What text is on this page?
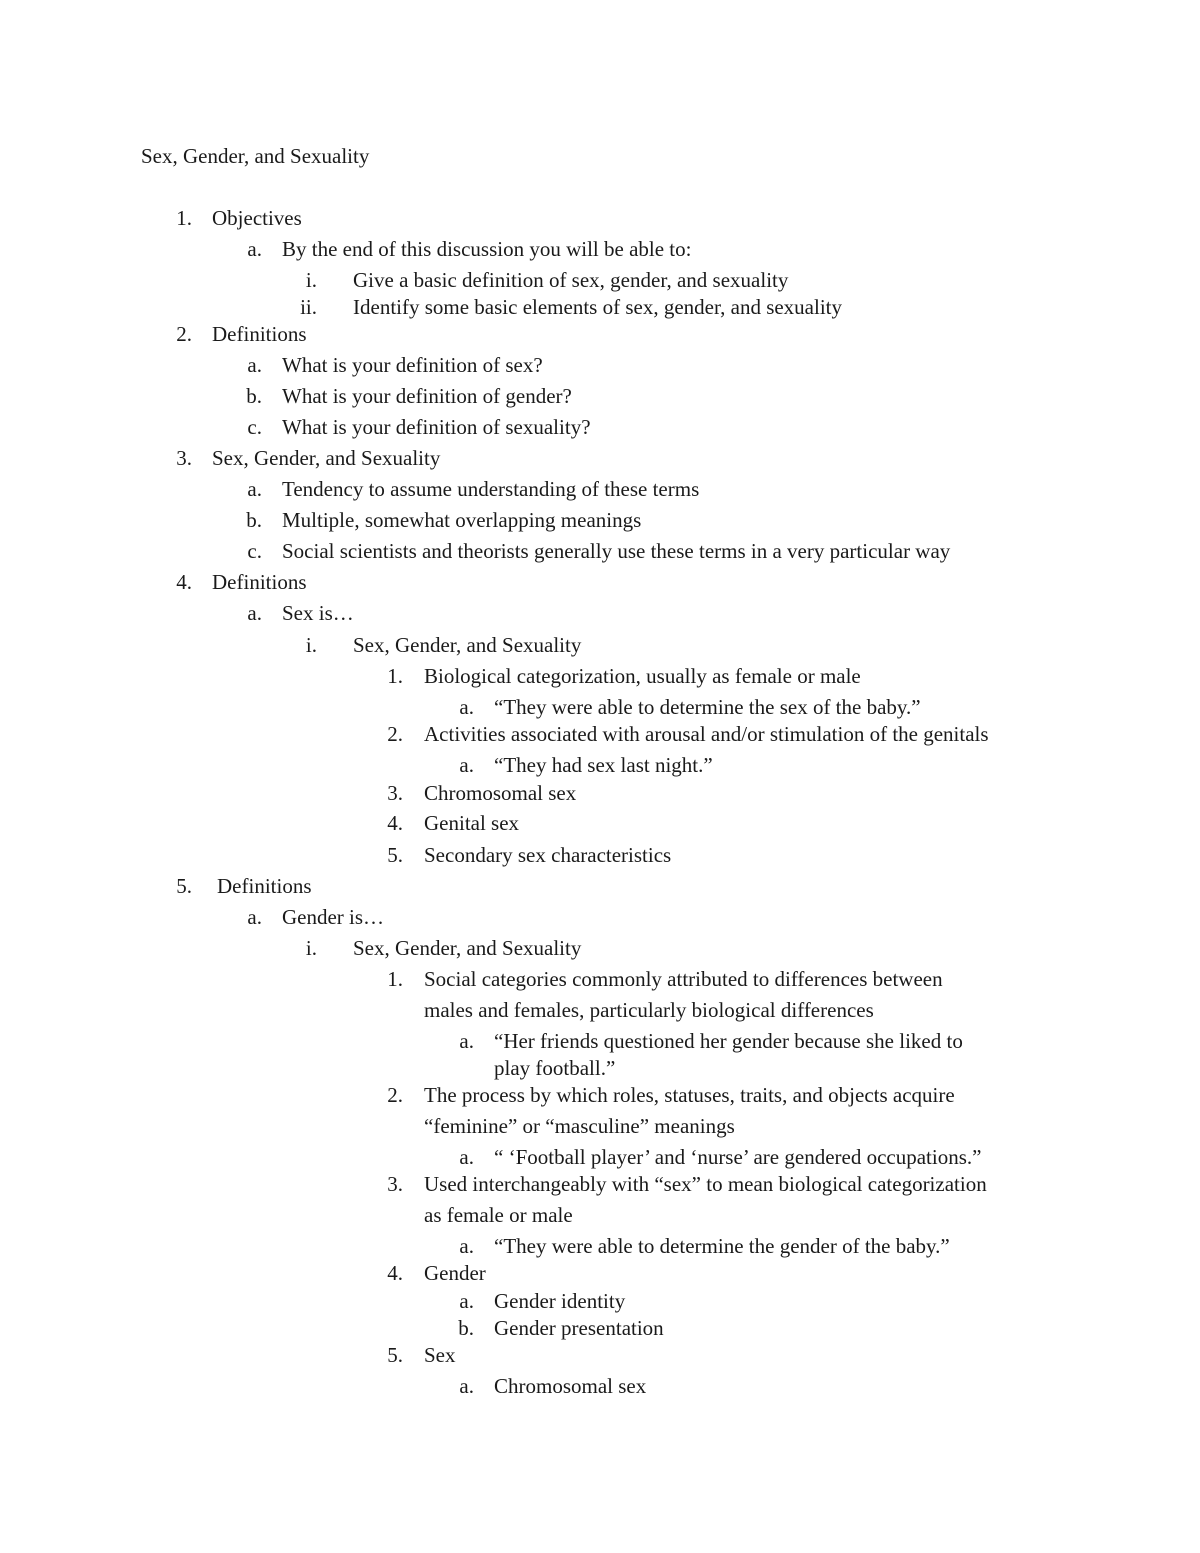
Sex, Gender, and Sexuality
1. Objectives
a. By the end of this discussion you will be able to:
i. Give a basic definition of sex, gender, and sexuality
ii. Identify some basic elements of sex, gender, and sexuality
2. Definitions
a. What is your definition of sex?
b. What is your definition of gender?
c. What is your definition of sexuality?
3. Sex, Gender, and Sexuality
a. Tendency to assume understanding of these terms
b. Multiple, somewhat overlapping meanings
c. Social scientists and theorists generally use these terms in a very particular way
4. Definitions
a. Sex is…
i. Sex, Gender, and Sexuality
1. Biological categorization, usually as female or male
a. “They were able to determine the sex of the baby.”
2. Activities associated with arousal and/or stimulation of the genitals
a. “They had sex last night.”
3. Chromosomal sex
4. Genital sex
5. Secondary sex characteristics
5. Definitions
a. Gender is…
i. Sex, Gender, and Sexuality
1. Social categories commonly attributed to differences between
males and females, particularly biological differences
a. “Her friends questioned her gender because she liked to
play football.”
2. The process by which roles, statuses, traits, and objects acquire
“feminine” or “masculine” meanings
a. “ ‘Football player’ and ‘nurse’ are gendered occupations.”
3. Used interchangeably with “sex” to mean biological categorization
as female or male
a. “They were able to determine the gender of the baby.”
4. Gender
a. Gender identity
b. Gender presentation
5. Sex
a. Chromosomal sex
